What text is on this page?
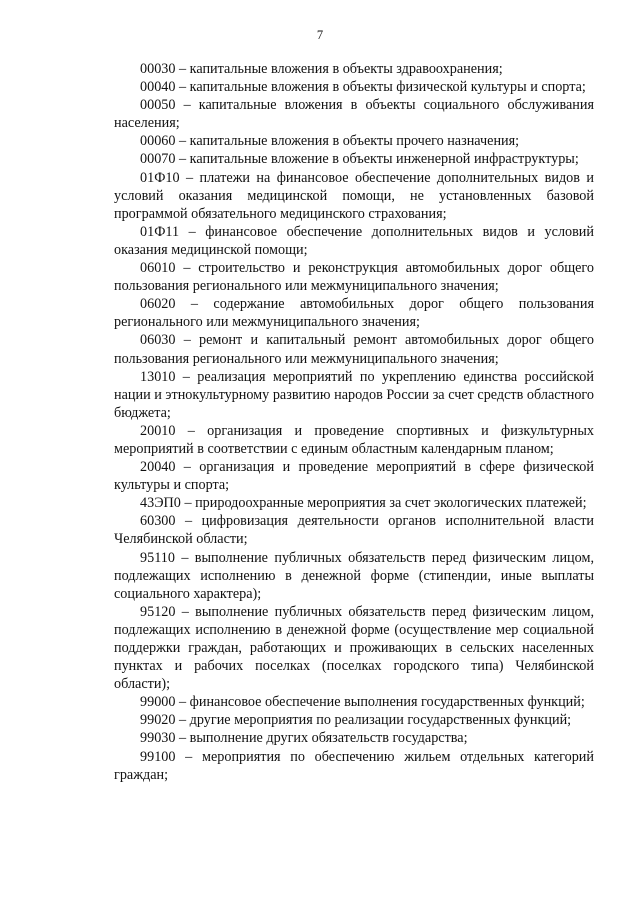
7

00030 – капитальные вложения в объекты здравоохранения;

00040 – капитальные вложения в объекты физической культуры и спорта;

00050 – капитальные вложения в объекты социального обслуживания населения;

00060 – капитальные вложения в объекты прочего назначения;

00070 – капитальные вложение в объекты инженерной инфраструктуры;

01Ф10 – платежи на финансовое обеспечение дополнительных видов и условий оказания медицинской помощи, не установленных базовой программой обязательного медицинского страхования;

01Ф11 – финансовое обеспечение дополнительных видов и условий оказания медицинской помощи;

06010 – строительство и реконструкция автомобильных дорог общего пользования регионального или межмуниципального значения;

06020 – содержание автомобильных дорог общего пользования регионального или межмуниципального значения;

06030 – ремонт и капитальный ремонт автомобильных дорог общего пользования регионального или межмуниципального значения;

13010 – реализация мероприятий по укреплению единства российской нации и этнокультурному развитию народов России за счет средств областного бюджета;

20010 – организация и проведение спортивных и физкультурных мероприятий в соответствии с единым областным календарным планом;

20040 – организация и проведение мероприятий в сфере физической культуры и спорта;

43ЭП0 – природоохранные мероприятия за счет экологических платежей;

60300 – цифровизация деятельности органов исполнительной власти Челябинской области;

95110 – выполнение публичных обязательств перед физическим лицом, подлежащих исполнению в денежной форме (стипендии, иные выплаты социального характера);

95120 – выполнение публичных обязательств перед физическим лицом, подлежащих исполнению в денежной форме (осуществление мер социальной поддержки граждан, работающих и проживающих в сельских населенных пунктах и рабочих поселках (поселках городского типа) Челябинской области);

99000 – финансовое обеспечение выполнения государственных функций;

99020 – другие мероприятия по реализации государственных функций;

99030 – выполнение других обязательств государства;

99100 – мероприятия по обеспечению жильем отдельных категорий граждан;
